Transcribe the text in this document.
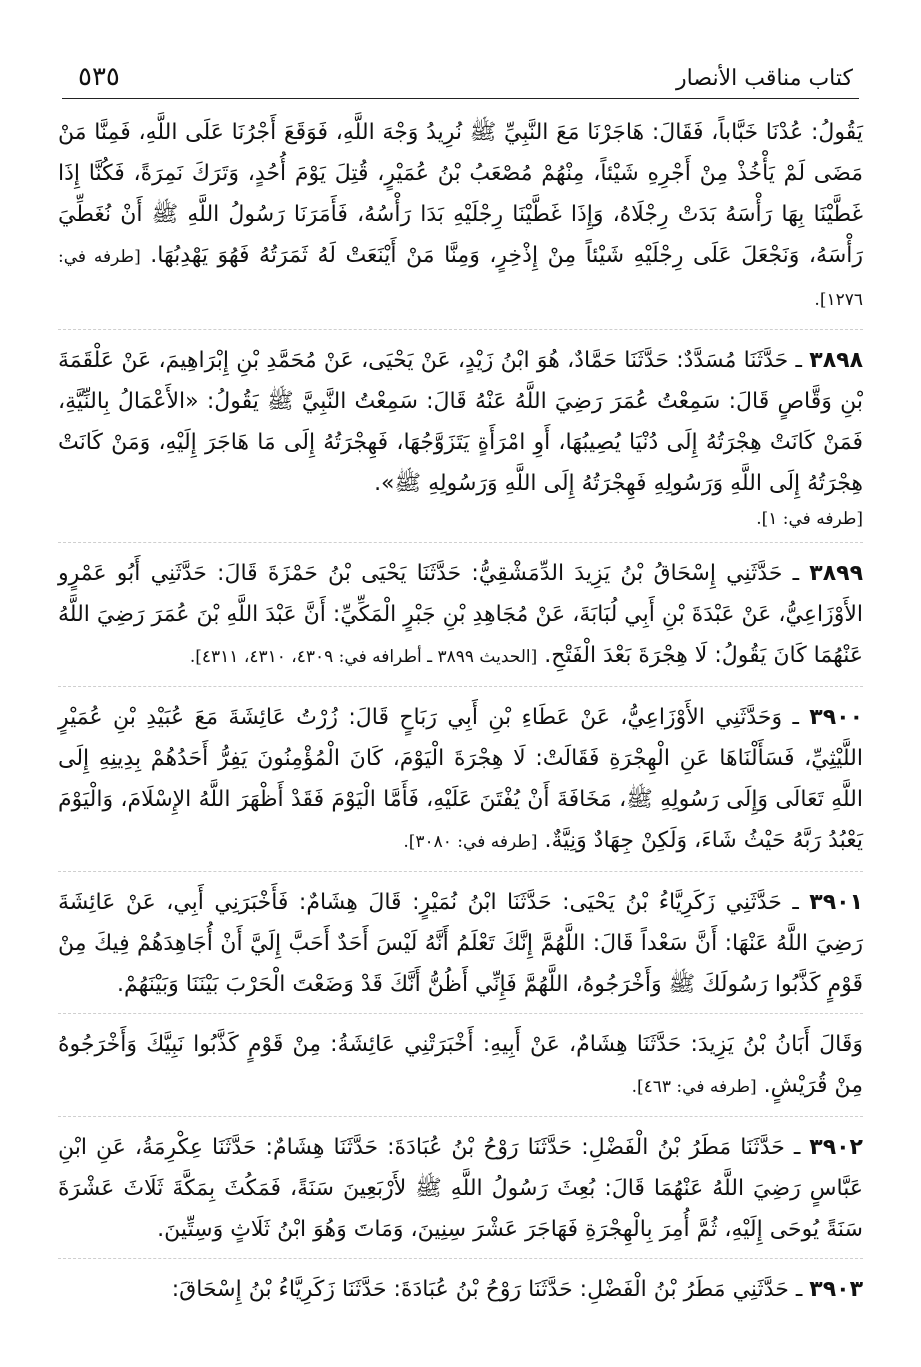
كتاب مناقب الأنصار
٥٣٥

يَقُولُ: عُدْنَا خَبَّاباً، فَقَالَ: هَاجَرْنَا مَعَ النَّبِيِّ ﷺ نُرِيدُ وَجْهَ اللَّهِ، فَوَقَعَ أَجْرُنَا عَلَى اللَّهِ، فَمِنَّا مَنْ مَضَى لَمْ يَأْخُذْ مِنْ أَجْرِهِ شَيْئاً، مِنْهُمْ مُصْعَبُ بْنُ عُمَيْرٍ، قُتِلَ يَوْمَ أُحُدٍ، وَتَرَكَ نَمِرَةً، فَكُنَّا إِذَا غَطَّيْنَا بِهَا رَأْسَهُ بَدَتْ رِجْلَاهُ، وَإِذَا غَطَّيْنَا رِجْلَيْهِ بَدَا رَأْسُهُ، فَأَمَرَنَا رَسُولُ اللَّهِ ﷺ أَنْ نُغَطِّيَ رَأْسَهُ، وَنَجْعَلَ عَلَى رِجْلَيْهِ شَيْئاً مِنْ إِذْخِرٍ، وَمِنَّا مَنْ أَيْنَعَتْ لَهُ ثَمَرَتُهُ فَهُوَ يَهْدِبُهَا. [طرفه في: ١٢٧٦].

٣٨٩٨ ـ حَدَّثَنَا مُسَدَّدٌ: حَدَّثَنَا حَمَّادٌ، هُوَ ابْنُ زَيْدٍ، عَنْ يَحْيَى، عَنْ مُحَمَّدِ بْنِ إِبْرَاهِيمَ، عَنْ عَلْقَمَةَ بْنِ وَقَّاصٍ قَالَ: سَمِعْتُ عُمَرَ رَضِيَ اللَّهُ عَنْهُ قَالَ: سَمِعْتُ النَّبِيَّ ﷺ يَقُولُ: «الأَعْمَالُ بِالنِّيَّةِ، فَمَنْ كَانَتْ هِجْرَتُهُ إِلَى دُنْيَا يُصِيبُهَا، أَوِ امْرَأَةٍ يَتَزَوَّجُهَا، فَهِجْرَتُهُ إِلَى مَا هَاجَرَ إِلَيْهِ، وَمَنْ كَانَتْ هِجْرَتُهُ إِلَى اللَّهِ وَرَسُولِهِ فَهِجْرَتُهُ إِلَى اللَّهِ وَرَسُولِهِ ﷺ».

[طرفه في: ١].

٣٨٩٩ ـ حَدَّثَنِي إِسْحَاقُ بْنُ يَزِيدَ الدِّمَشْقِيُّ: حَدَّثَنَا يَحْيَى بْنُ حَمْزَةَ قَالَ: حَدَّثَنِي أَبُو عَمْرٍو الأَوْزَاعِيُّ، عَنْ عَبْدَةَ بْنِ أَبِي لُبَابَةَ، عَنْ مُجَاهِدِ بْنِ جَبْرٍ الْمَكِّيِّ: أَنَّ عَبْدَ اللَّهِ بْنَ عُمَرَ رَضِيَ اللَّهُ عَنْهُمَا كَانَ يَقُولُ: لَا هِجْرَةَ بَعْدَ الْفَتْحِ. [الحديث ٣٨٩٩ ـ أطرافه في: ٤٣٠٩، ٤٣١٠، ٤٣١١].

٣٩٠٠ ـ وَحَدَّثَنِي الأَوْزَاعِيُّ، عَنْ عَطَاءِ بْنِ أَبِي رَبَاحٍ قَالَ: زُرْتُ عَائِشَةَ مَعَ عُبَيْدِ بْنِ عُمَيْرٍ اللَّيْثِيِّ، فَسَأَلْنَاهَا عَنِ الْهِجْرَةِ فَقَالَتْ: لَا هِجْرَةَ الْيَوْمَ، كَانَ الْمُؤْمِنُونَ يَفِرُّ أَحَدُهُمْ بِدِينِهِ إِلَى اللَّهِ تَعَالَى وَإِلَى رَسُولِهِ ﷺ، مَخَافَةَ أَنْ يُفْتَنَ عَلَيْهِ، فَأَمَّا الْيَوْمَ فَقَدْ أَظْهَرَ اللَّهُ الإِسْلَامَ، وَالْيَوْمَ يَعْبُدُ رَبَّهُ حَيْثُ شَاءَ، وَلَكِنْ جِهَادٌ وَنِيَّةٌ. [طرفه في: ٣٠٨٠].

٣٩٠١ ـ حَدَّثَنِي زَكَرِيَّاءُ بْنُ يَحْيَى: حَدَّثَنَا ابْنُ نُمَيْرٍ: قَالَ هِشَامٌ: فَأَخْبَرَنِي أَبِي، عَنْ عَائِشَةَ رَضِيَ اللَّهُ عَنْهَا: أَنَّ سَعْداً قَالَ: اللَّهُمَّ إِنَّكَ تَعْلَمُ أَنَّهُ لَيْسَ أَحَدٌ أَحَبَّ إِلَيَّ أَنْ أُجَاهِدَهُمْ فِيكَ مِنْ قَوْمٍ كَذَّبُوا رَسُولَكَ ﷺ وَأَخْرَجُوهُ، اللَّهُمَّ فَإِنِّي أَظُنُّ أَنَّكَ قَدْ وَضَعْتَ الْحَرْبَ بَيْنَنَا وَبَيْنَهُمْ.

وَقَالَ أَبَانُ بْنُ يَزِيدَ: حَدَّثَنَا هِشَامٌ، عَنْ أَبِيهِ: أَخْبَرَتْنِي عَائِشَةُ: مِنْ قَوْمٍ كَذَّبُوا نَبِيَّكَ وَأَخْرَجُوهُ مِنْ قُرَيْشٍ. [طرفه في: ٤٦٣].

٣٩٠٢ ـ حَدَّثَنَا مَطَرُ بْنُ الْفَضْلِ: حَدَّثَنَا رَوْحُ بْنُ عُبَادَةَ: حَدَّثَنَا هِشَامٌ: حَدَّثَنَا عِكْرِمَةُ، عَنِ ابْنِ عَبَّاسٍ رَضِيَ اللَّهُ عَنْهُمَا قَالَ: بُعِثَ رَسُولُ اللَّهِ ﷺ لأَرْبَعِينَ سَنَةً، فَمَكُثَ بِمَكَّةَ ثَلَاثَ عَشْرَةَ سَنَةً يُوحَى إِلَيْهِ، ثُمَّ أُمِرَ بِالْهِجْرَةِ فَهَاجَرَ عَشْرَ سِنِينَ، وَمَاتَ وَهُوَ ابْنُ ثَلَاثٍ وَسِتِّينَ.

٣٩٠٣ ـ حَدَّثَنِي مَطَرُ بْنُ الْفَضْلِ: حَدَّثَنَا رَوْحُ بْنُ عُبَادَةَ: حَدَّثَنَا زَكَرِيَّاءُ بْنُ إِسْحَاقَ:
